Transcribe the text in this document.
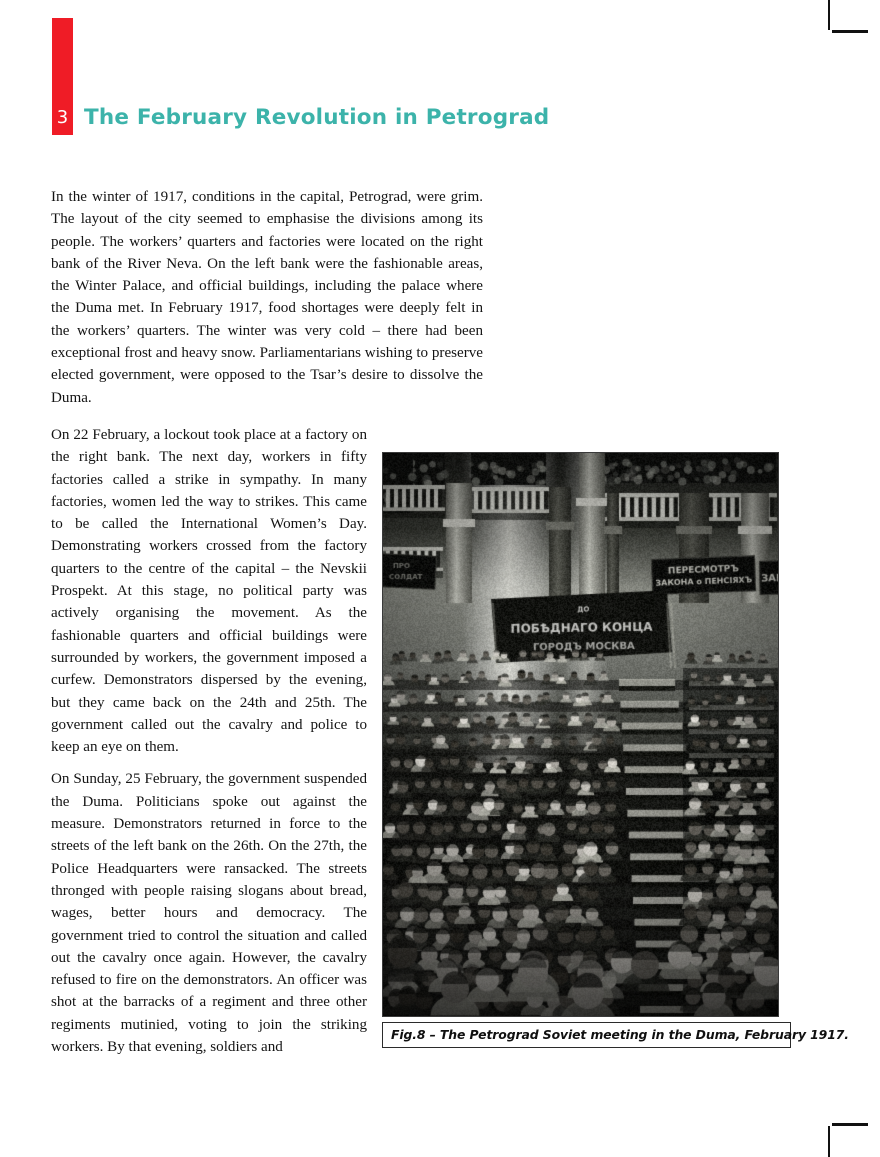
3 The February Revolution in Petrograd

In the winter of 1917, conditions in the capital, Petrograd, were grim. The layout of the city seemed to emphasise the divisions among its people. The workers’ quarters and factories were located on the right bank of the River Neva. On the left bank were the fashionable areas, the Winter Palace, and official buildings, including the palace where the Duma met. In February 1917, food shortages were deeply felt in the workers’ quarters. The winter was very cold – there had been exceptional frost and heavy snow. Parliamentarians wishing to preserve elected government, were opposed to the Tsar’s desire to dissolve the Duma.

On 22 February, a lockout took place at a factory on the right bank. The next day, workers in fifty factories called a strike in sympathy. In many factories, women led the way to strikes. This came to be called the International Women’s Day. Demonstrating workers crossed from the factory quarters to the centre of the capital – the Nevskii Prospekt. At this stage, no political party was actively organising the movement. As the fashionable quarters and official buildings were surrounded by workers, the government imposed a curfew. Demonstrators dispersed by the evening, but they came back on the 24th and 25th. The government called out the cavalry and police to keep an eye on them.

On Sunday, 25 February, the government suspended the Duma. Politicians spoke out against the measure. Demonstrators returned in force to the streets of the left bank on the 26th. On the 27th, the Police Headquarters were ransacked. The streets thronged with people raising slogans about bread, wages, better hours and democracy. The government tried to control the situation and called out the cavalry once again. However, the cavalry refused to fire on the demonstrators. An officer was shot at the barracks of a regiment and three other regiments mutinied, voting to join the striking workers. By that evening, soldiers and

Fig.8 – The Petrograd Soviet meeting in the Duma, February 1917.
